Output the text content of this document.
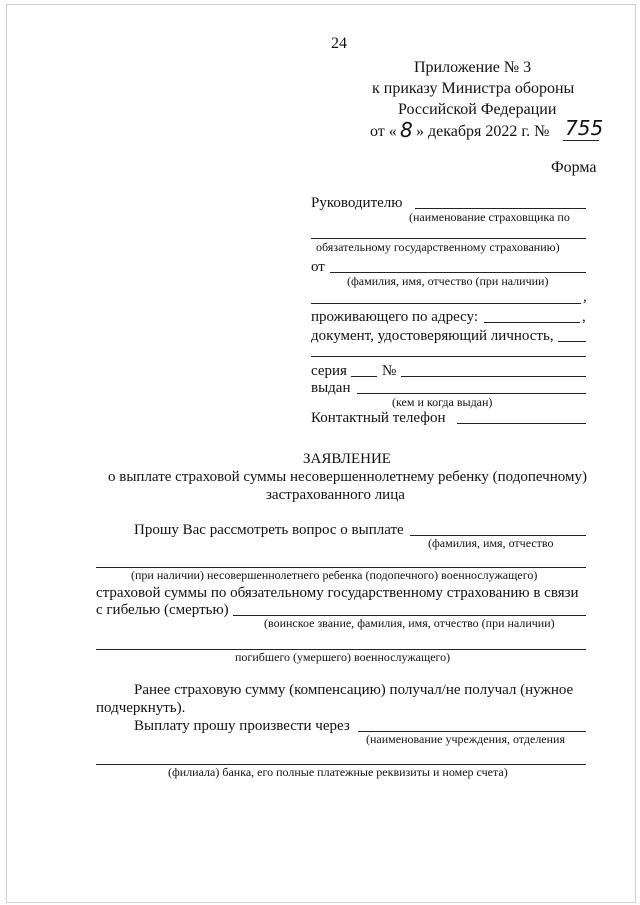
24
Приложение № 3
к приказу Министра обороны
Российской Федерации
от « 8 » декабря 2022 г. № 755
Форма
Руководителю
(наименование страховщика по
обязательному государственному страхованию)
от
(фамилия, имя, отчество (при наличии)
,
проживающего по адресу:	,
документ, удостоверяющий личность,
серия №
выдан
(кем и когда выдан)
Контактный телефон
ЗАЯВЛЕНИЕ
о выплате страховой суммы несовершеннолетнему ребенку (подопечному)
застрахованного лица
Прошу Вас рассмотреть вопрос о выплате
(фамилия, имя, отчество
(при наличии) несовершеннолетнего ребенка (подопечного) военнослужащего)
страховой суммы по обязательному государственному страхованию в связи
с гибелью (смертью)
(воинское звание, фамилия, имя, отчество (при наличии)
погибшего (умершего) военнослужащего)
Ранее страховую сумму (компенсацию) получал/не получал (нужное
подчеркнуть).
Выплату прошу произвести через
(наименование учреждения, отделения
(филиала) банка, его полные платежные реквизиты и номер счета)
